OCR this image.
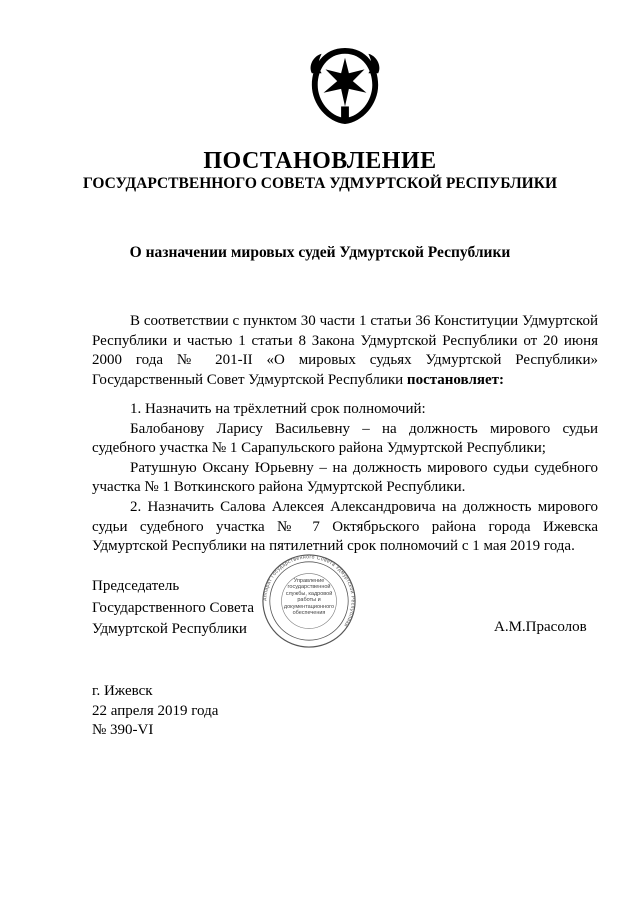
ПОСТАНОВЛЕНИЕ
ГОСУДАРСТВЕННОГО СОВЕТА УДМУРТСКОЙ РЕСПУБЛИКИ
О назначении мировых судей Удмуртской Республики

В соответствии с пунктом 30 части 1 статьи 36 Конституции Удмуртской Республики и частью 1 статьи 8 Закона Удмуртской Республики от 20 июня 2000 года № 201-II «О мировых судьях Удмуртской Республики» Государственный Совет Удмуртской Республики постановляет:

1. Назначить на трёхлетний срок полномочий:

Балобанову Ларису Васильевну – на должность мирового судьи судебного участка № 1 Сарапульского района Удмуртской Республики;

Ратушную Оксану Юрьевну – на должность мирового судьи судебного участка № 1 Воткинского района Удмуртской Республики.

2. Назначить Салова Алексея Александровича на должность мирового судьи судебного участка № 7 Октябрьского района города Ижевска Удмуртской Республики на пятилетний срок полномочий с 1 мая 2019 года.

Председатель
Государственного Совета
Удмуртской Республики
Аппарат Государственного Совета Удмуртской Республики
Управление государственной службы, кадровой работы и документационного обеспечения
А.М.Прасолов
г. Ижевск
22 апреля 2019 года
№ 390-VI
